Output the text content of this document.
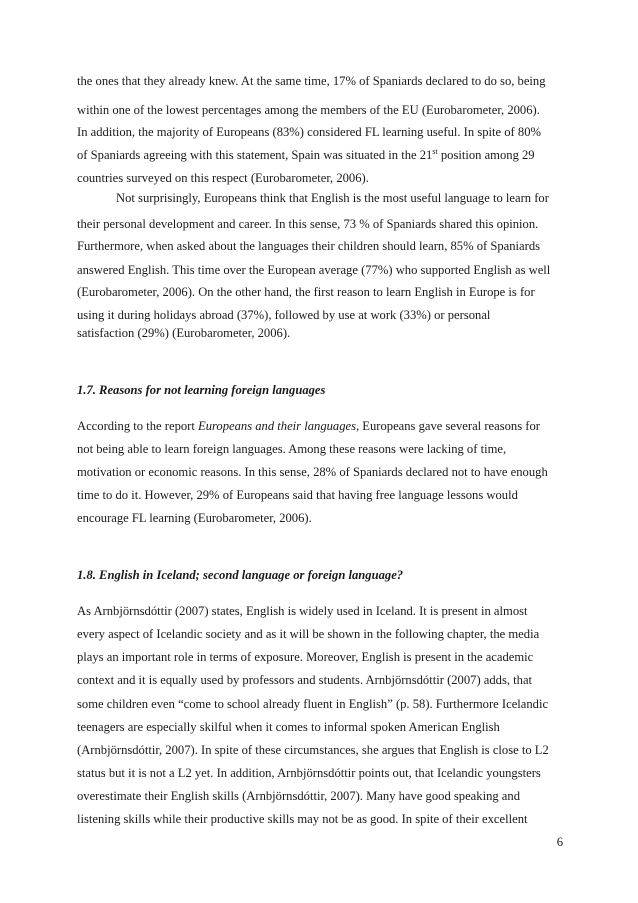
the ones that they already knew. At the same time, 17% of Spaniards declared to do so, being
within one of the lowest percentages among the members of the EU (Eurobarometer, 2006).
In addition, the majority of Europeans (83%) considered FL learning useful. In spite of 80%
of Spaniards agreeing with this statement, Spain was situated in the 21st position among 29
countries surveyed on this respect (Eurobarometer, 2006).
Not surprisingly, Europeans think that English is the most useful language to learn for
their personal development and career. In this sense, 73 % of Spaniards shared this opinion.
Furthermore, when asked about the languages their children should learn, 85% of Spaniards
answered English. This time over the European average (77%) who supported English as well
(Eurobarometer, 2006). On the other hand, the first reason to learn English in Europe is for
using it during holidays abroad (37%), followed by use at work (33%) or personal
satisfaction (29%) (Eurobarometer, 2006).
1.7. Reasons for not learning foreign languages
According to the report Europeans and their languages, Europeans gave several reasons for
not being able to learn foreign languages. Among these reasons were lacking of time,
motivation or economic reasons. In this sense, 28% of Spaniards declared not to have enough
time to do it. However, 29% of Europeans said that having free language lessons would
encourage FL learning (Eurobarometer, 2006).
1.8. English in Iceland; second language or foreign language?
As Arnbjörnsdóttir (2007) states, English is widely used in Iceland. It is present in almost
every aspect of Icelandic society and as it will be shown in the following chapter, the media
plays an important role in terms of exposure. Moreover, English is present in the academic
context and it is equally used by professors and students. Arnbjörnsdóttir (2007) adds, that
some children even “come to school already fluent in English” (p. 58). Furthermore Icelandic
teenagers are especially skilful when it comes to informal spoken American English
(Arnbjörnsdóttir, 2007). In spite of these circumstances, she argues that English is close to L2
status but it is not a L2 yet. In addition, Arnbjörnsdóttir points out, that Icelandic youngsters
overestimate their English skills (Arnbjörnsdóttir, 2007). Many have good speaking and
listening skills while their productive skills may not be as good. In spite of their excellent
6
